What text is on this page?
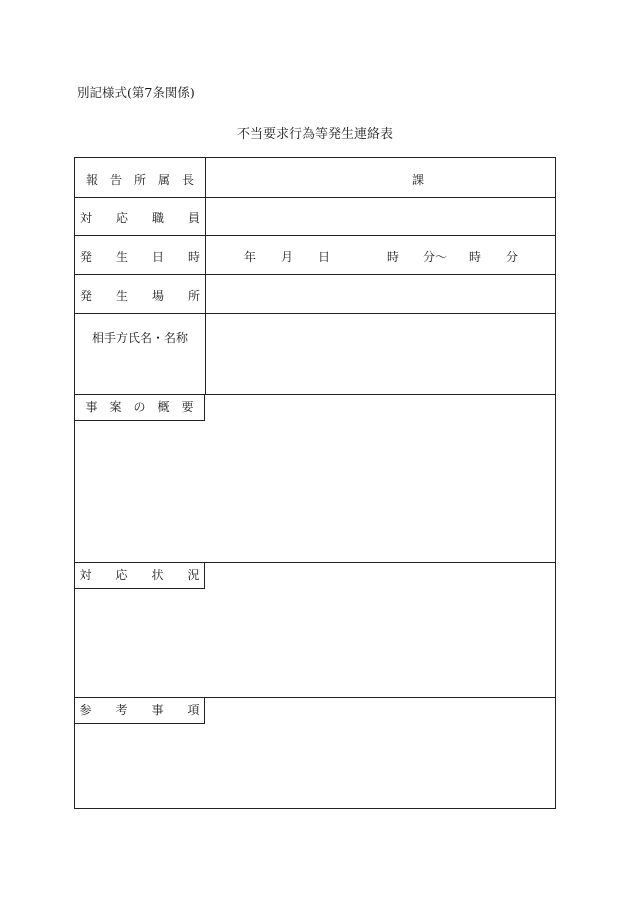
別記様式(第7条関係)
不当要求行為等発生連絡表
報　告　所　属　長	課
対　　応　　職　　員
発　　生　　日　　時	年 月 日	時 分～ 時 分
発　　生　　場　　所
相手方氏名・名称
事　案　の　概　要
対　　応　　状　　況
参　　考　　事　　項
